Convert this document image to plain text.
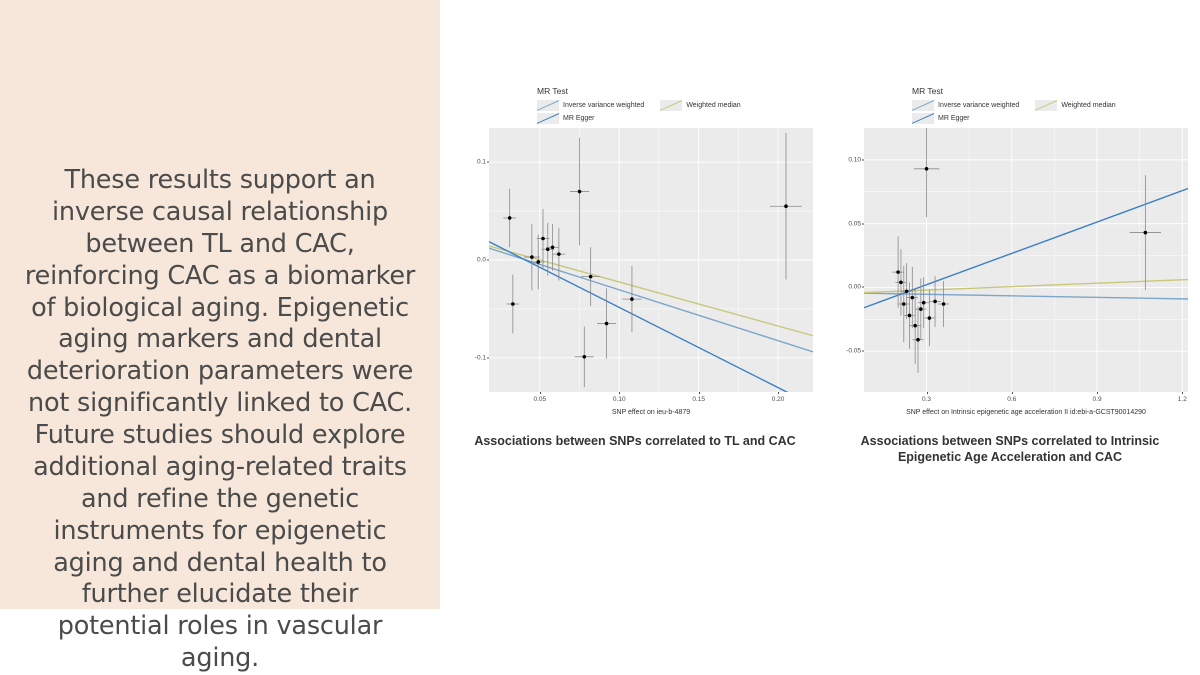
These results support an inverse causal relationship between TL and CAC, reinforcing CAC as a biomarker of biological aging. Epigenetic aging markers and dental deterioration parameters were not significantly linked to CAC. Future studies should explore additional aging-related traits and refine the genetic instruments for epigenetic aging and dental health to further elucidate their potential roles in vascular aging.
MR Test
Inverse variance weighted	Weighted median
MR Egger
-0.1
0.0
0.1
0.05	0.10	0.15	0.20
SNP effect on ieu-b-4879
Associations between SNPs correlated to TL and CAC
MR Test
Inverse variance weighted	Weighted median
MR Egger
-0.05
0.00
0.05
0.10
0.3	0.6	0.9	1.2
SNP effect on Intrinsic epigenetic age acceleration II id:ebi-a-GCST90014290
Associations between SNPs correlated to Intrinsic Epigenetic Age Acceleration and CAC
